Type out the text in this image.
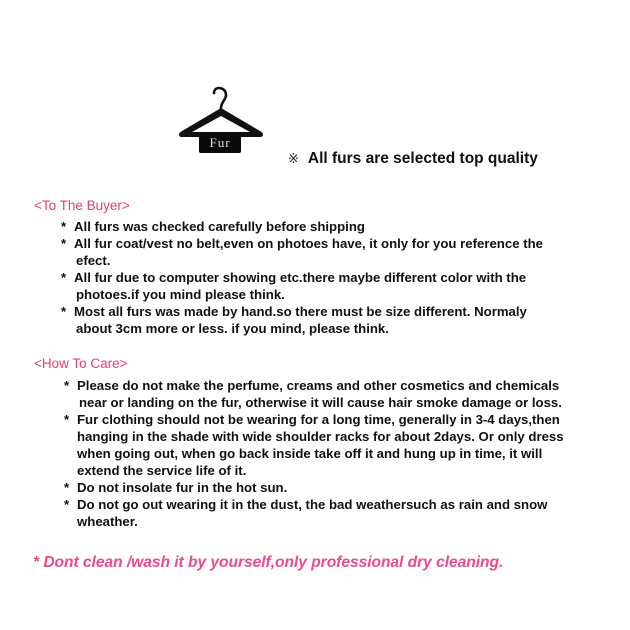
Fur
※ All furs are selected top quality
<To The Buyer>
* All furs was checked carefully before shipping
* All fur coat/vest no belt,even on photoes have, it only for you reference the
efect.
* All fur due to computer showing etc.there maybe different color with the
photoes.if you mind please think.
* Most all furs was made by hand.so there must be size different. Normaly
about 3cm more or less. if you mind, please think.
<How To Care>
* Please do not make the perfume, creams and other cosmetics and chemicals
near or landing on the fur, otherwise it will cause hair smoke damage or loss.
* Fur clothing should not be wearing for a long time, generally in 3-4 days,then
hanging in the shade with wide shoulder racks for about 2days. Or only dress
when going out, when go back inside take off it and hung up in time, it will
extend the service life of it.
* Do not insolate fur in the hot sun.
* Do not go out wearing it in the dust, the bad weathersuch as rain and snow
wheather.
* Dont clean /wash it by yourself,only professional dry cleaning.
